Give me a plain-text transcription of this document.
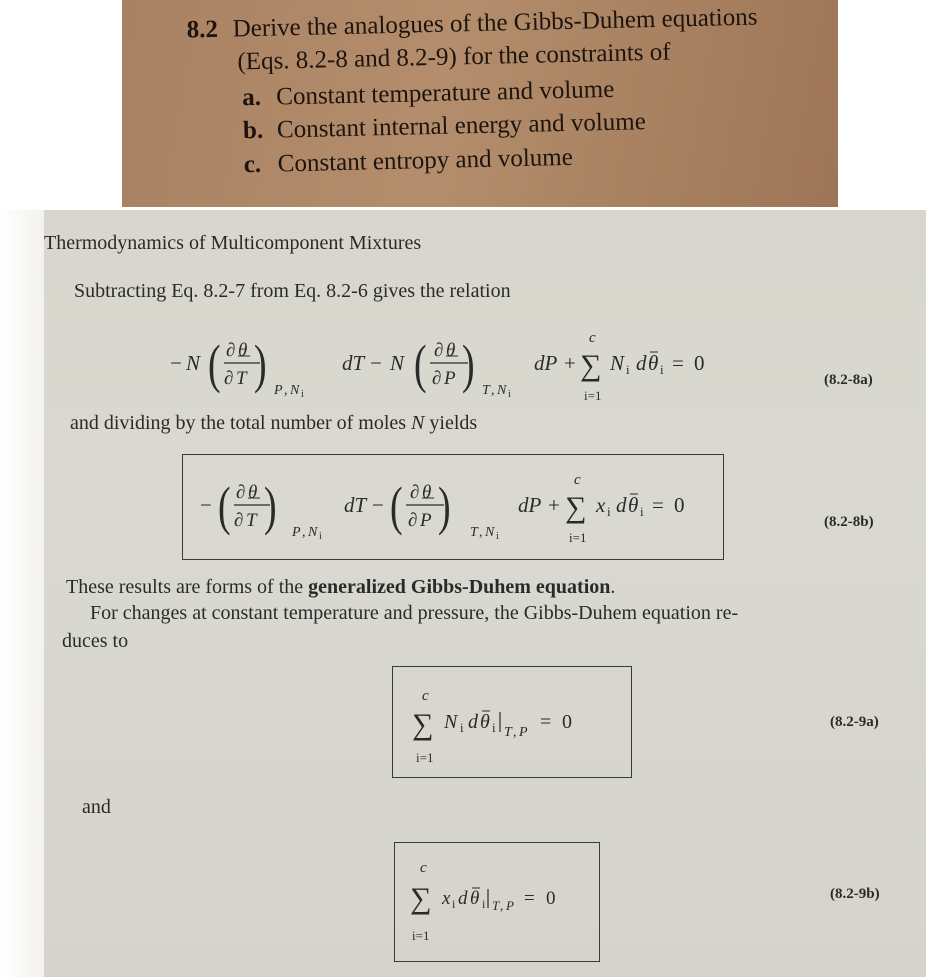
8.2 Derive the analogues of the Gibbs-Duhem equations
(Eqs. 8.2-8 and 8.2-9) for the constraints of
a. Constant temperature and volume
b. Constant internal energy and volume
c. Constant entropy and volume
Thermodynamics of Multicomponent Mixtures
Subtracting Eq. 8.2-7 from Eq. 8.2-6 gives the relation
− N ( ∂ θ
∂ T ) P , N i
dT − N ( ∂ θ
∂ P ) T , N i
dP +
c
∑
i=1
N i d θ i = 0
(8.2-8a)
and dividing by the total number of moles N yields
− ( ∂ θ
∂ T ) P , N i
dT − ( ∂ θ
∂ P ) T , N i
dP +
c
∑
i=1
x i d θ i = 0
(8.2-8b)
These results are forms of the generalized Gibbs-Duhem equation.
For changes at constant temperature and pressure, the Gibbs-Duhem equation re-
duces to
c
∑
i=1
N i d θ i T , P = 0	(8.2-9a)
and
c
∑
i=1
x i d θ i T , P = 0	(8.2-9b)
